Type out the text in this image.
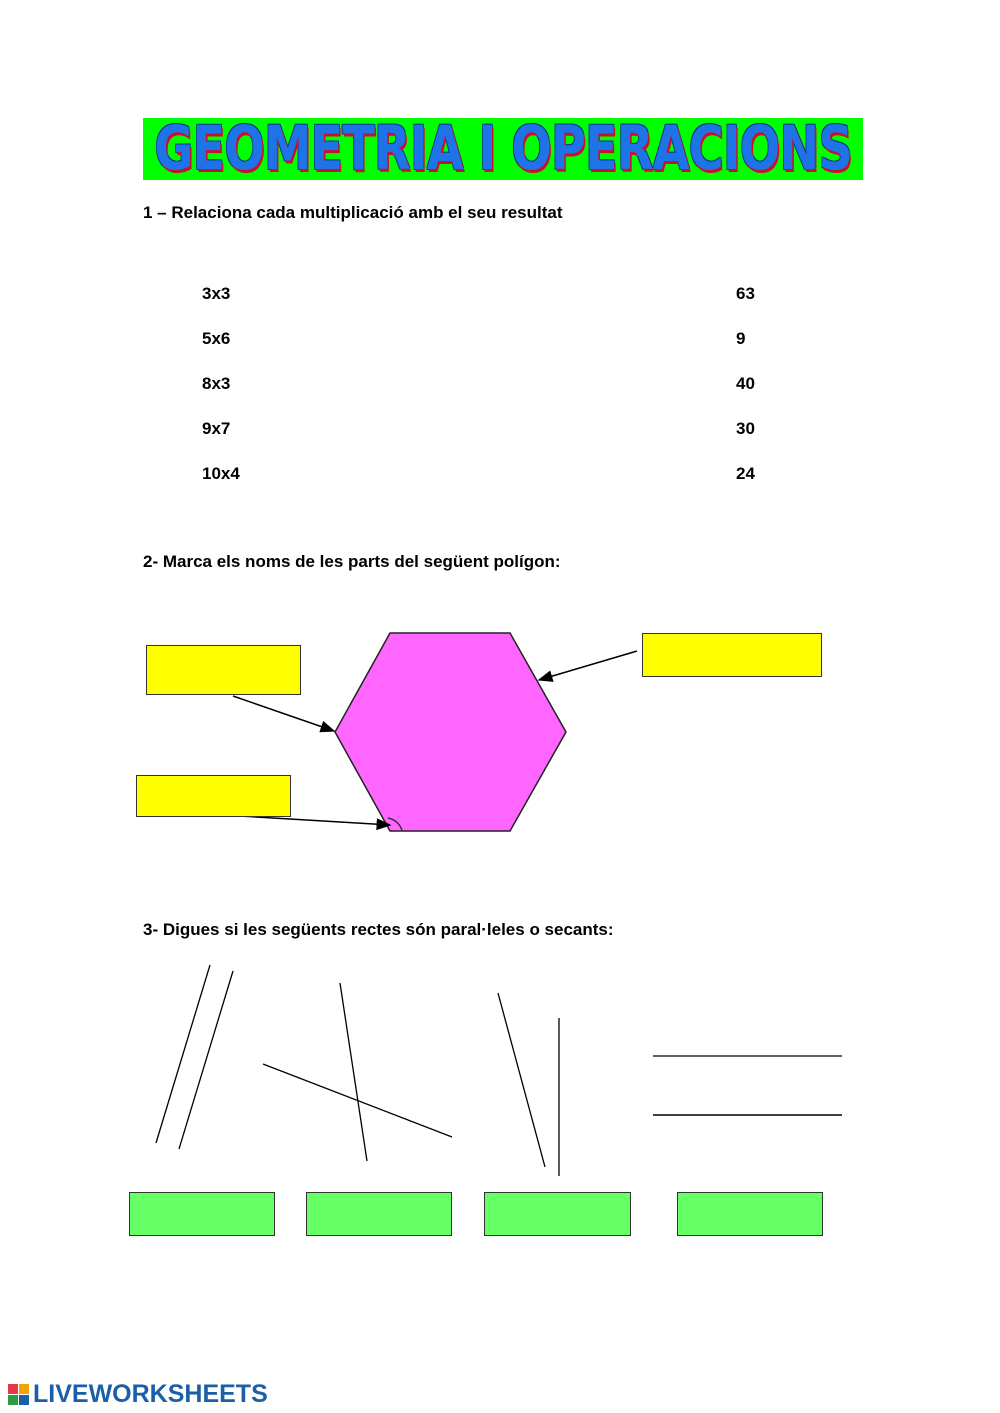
GEOMETRIA I OPERACIONS
1 – Relaciona cada multiplicació amb el seu resultat
3x3
5x6
8x3
9x7
10x4
63
9
40
30
24
2- Marca els noms de les parts del següent polígon:
3- Digues si les següents rectes són paral·leles o secants:
LIVEWORKSHEETS
